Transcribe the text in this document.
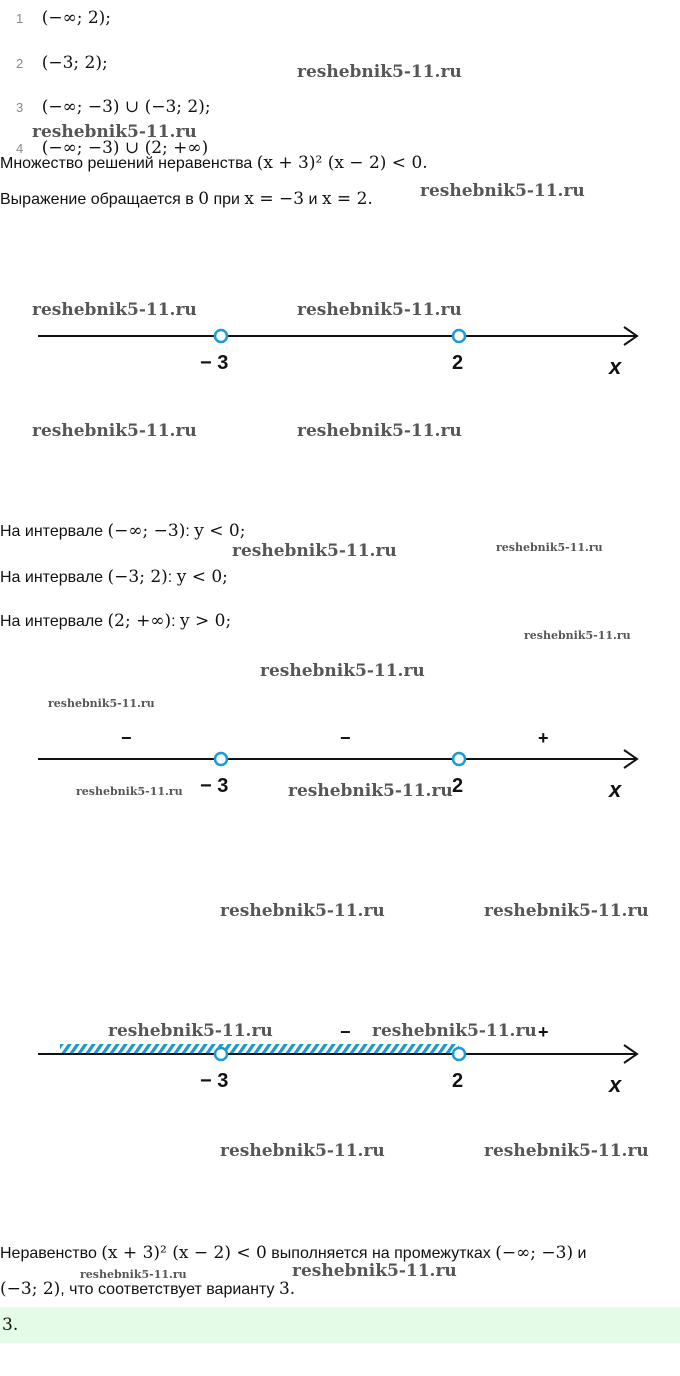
1 (−∞; 2);
2 (−3; 2);
3 (−∞; −3) ∪ (−3; 2);
4 (−∞; −3) ∪ (2; +∞)
Множество решений неравенства (x + 3)² (x − 2) < 0.
Выражение обращается в 0 при x = −3 и x = 2.
− 3	2	x
На интервале (−∞; −3): y < 0;
На интервале (−3; 2): y < 0;
На интервале (2; +∞): y > 0;
−	−	+
− 3	2	x
−	+
− 3	2	x
Неравенство (x + 3)² (x − 2) < 0 выполняется на промежутках (−∞; −3) и
(−3; 2), что соответствует варианту 3.
3.
reshebnik5-11.ru
reshebnik5-11.ru
reshebnik5-11.ru
reshebnik5-11.ru	reshebnik5-11.ru
reshebnik5-11.ru	reshebnik5-11.ru
reshebnik5-11.ru	reshebnik5-11.ru
reshebnik5-11.ru
reshebnik5-11.ru
reshebnik5-11.ru
reshebnik5-11.ru	reshebnik5-11.ru
reshebnik5-11.ru	reshebnik5-11.ru
reshebnik5-11.ru	reshebnik5-11.ru
reshebnik5-11.ru	reshebnik5-11.ru
reshebnik5-11.ru	reshebnik5-11.ru
